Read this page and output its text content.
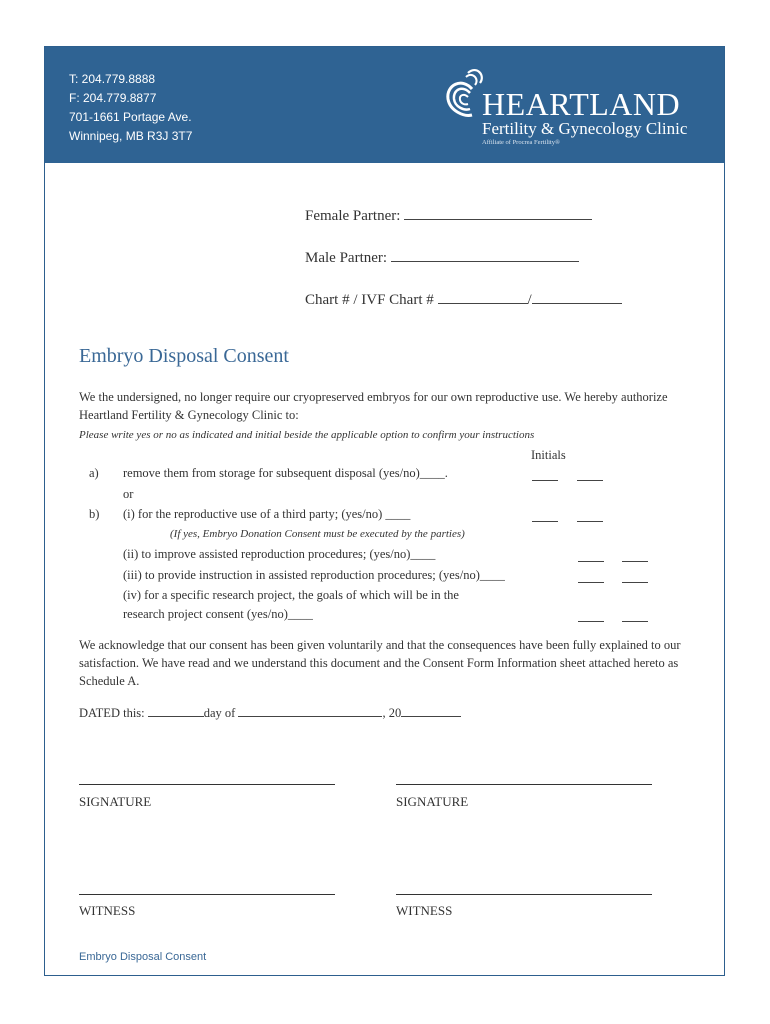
T: 204.779.8888
F: 204.779.8877
701-1661 Portage Ave.
Winnipeg, MB R3J 3T7
HEARTLAND
Fertility & Gynecology Clinic
Affiliate of Procrea Fertility®
Female Partner:
Male Partner:
Chart # / IVF Chart #	/
Embryo Disposal Consent
We the undersigned, no longer require our cryopreserved embryos for our own reproductive use. We hereby authorize Heartland Fertility & Gynecology Clinic to:
Please write yes or no as indicated and initial beside the applicable option to confirm your instructions
Initials
a) remove them from storage for subsequent disposal (yes/no)____.
or
b) (i) for the reproductive use of a third party; (yes/no) ____
(If yes, Embryo Donation Consent must be executed by the parties)
(ii) to improve assisted reproduction procedures; (yes/no)____
(iii) to provide instruction in assisted reproduction procedures; (yes/no)____
(iv) for a specific research project, the goals of which will be in the
research project consent (yes/no)____
We acknowledge that our consent has been given voluntarily and that the consequences have been fully explained to our satisfaction. We have read and we understand this document and the Consent Form Information sheet attached hereto as Schedule A.
DATED this:	day of	, 20
SIGNATURE	SIGNATURE
WITNESS	WITNESS
Embryo Disposal Consent
